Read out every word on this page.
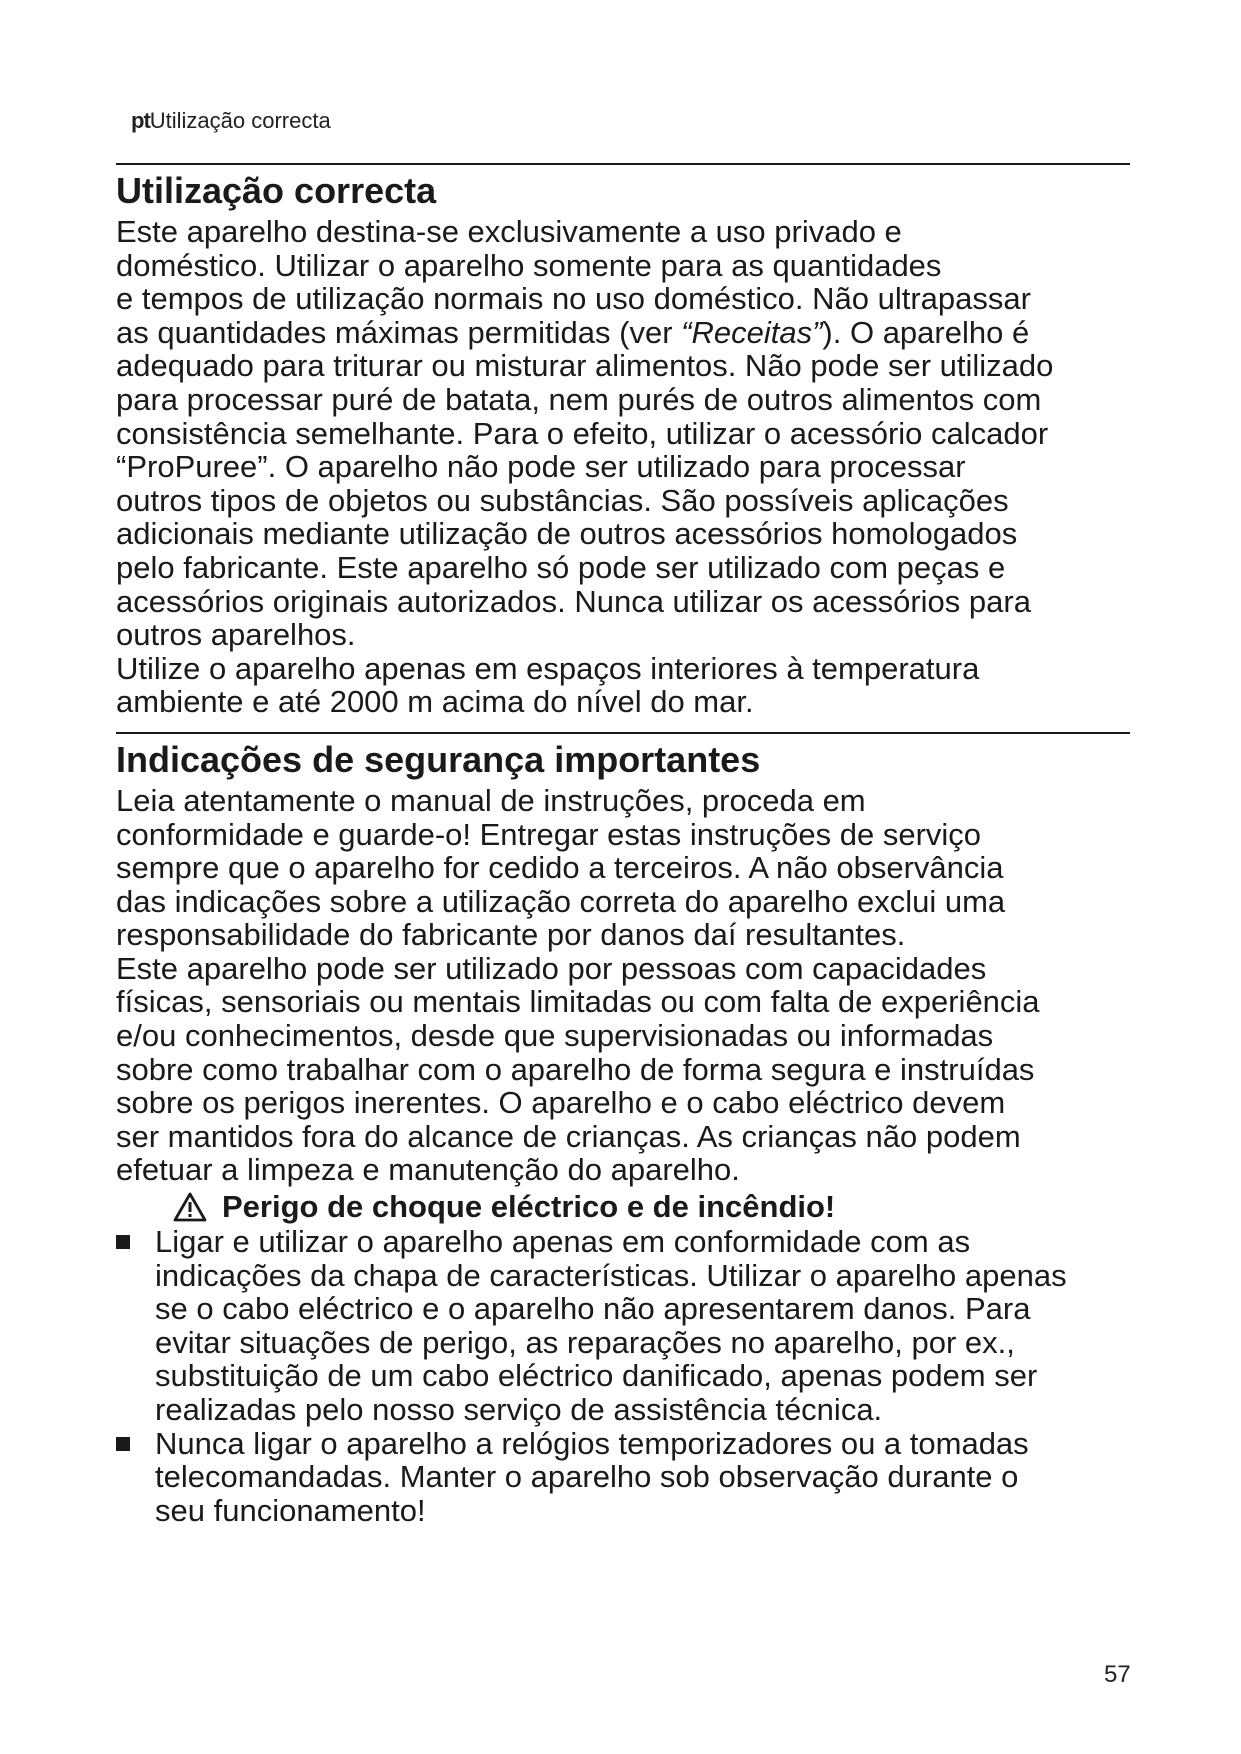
ptUtilização correcta
Utilização correcta

Este aparelho destina-se exclusivamente a uso privado e
doméstico. Utilizar o aparelho somente para as quantidades
e tempos de utilização normais no uso doméstico. Não ultrapassar
as quantidades máximas permitidas (ver “Receitas”). O aparelho é
adequado para triturar ou misturar alimentos. Não pode ser utilizado
para processar puré de batata, nem purés de outros alimentos com
consistência semelhante. Para o efeito, utilizar o acessório calcador
“ProPuree”. O aparelho não pode ser utilizado para processar
outros tipos de objetos ou substâncias. São possíveis aplicações
adicionais mediante utilização de outros acessórios homologados
pelo fabricante. Este aparelho só pode ser utilizado com peças e
acessórios originais autorizados. Nunca utilizar os acessórios para
outros aparelhos.

Utilize o aparelho apenas em espaços interiores à temperatura
ambiente e até 2000 m acima do nível do mar.

Indicações de segurança importantes

Leia atentamente o manual de instruções, proceda em
conformidade e guarde-o! Entregar estas instruções de serviço
sempre que o aparelho for cedido a terceiros. A não observância
das indicações sobre a utilização correta do aparelho exclui uma
responsabilidade do fabricante por danos daí resultantes.

Este aparelho pode ser utilizado por pessoas com capacidades
físicas, sensoriais ou mentais limitadas ou com falta de experiência
e/ou conhecimentos, desde que supervisionadas ou informadas
sobre como trabalhar com o aparelho de forma segura e instruídas
sobre os perigos inerentes. O aparelho e o cabo eléctrico devem
ser mantidos fora do alcance de crianças. As crianças não podem
efetuar a limpeza e manutenção do aparelho.

Perigo de choque eléctrico e de incêndio!

Ligar e utilizar o aparelho apenas em conformidade com as
indicações da chapa de características. Utilizar o aparelho apenas
se o cabo eléctrico e o aparelho não apresentarem danos. Para
evitar situações de perigo, as reparações no aparelho, por ex.,
substituição de um cabo eléctrico danificado, apenas podem ser
realizadas pelo nosso serviço de assistência técnica.

Nunca ligar o aparelho a relógios temporizadores ou a tomadas
telecomandadas. Manter o aparelho sob observação durante o
seu funcionamento!

57
